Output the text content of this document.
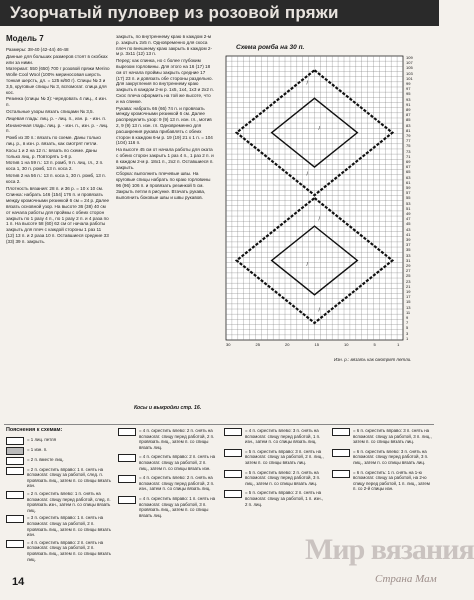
Узорчатый пуловер из розовой пряжи
Модель 7

Размеры: 38-40 (42-44) 46-48

Данные для больших размеров стоят в скобках или за ними.

Материал: 550 (650) 700 г розовой пряжи Merino Wolle Cool Wool (100% мериносовая шерсть тонкая шерсть, дл. = 125 м/50 г). Спицы № 3 и 3,5, круговые спицы № 3, вспомогат. спица для кос.

Резинка (спицы № 3): чередовать 4 лиц., 4 изн. п.

Остальные узоры вязать спицами № 3,5.

Лицевая гладь: лиц. р. - лиц. п., изн. р. - изн. п.

Изнаночная гладь: лиц. р. - изн. п., изн. р. - лиц. п.

Ромб из 30 п.: вязать по схеме. Даны только лиц. р., в изн. р. вязать, как смотрят петли.

Косы 1 и 2 на 12 п.: вязать по схеме. Даны только лиц. р. Повторять 1-8 р.

Мотив 1 на 59 п.: 13 п. ромб, 9 п. лиц. гл., 2 п. коса 1, 30 п. ромб, 13 п. коса 2.

Мотив 2 на 56 п.: 13 п. коса 1, 30 п. ромб, 13 п. коса 2.

Плотность вязания: 28 п. и 36 р. = 10 х 10 см.

Спинка: набрать 146 (154) 176 п. и провязать между кромочными резинкой 6 см = 24 р. Далее вязать основной узор. На высоте 36 (38) 40 см от начала работы для проймы с обеих сторон закрыть по 1 разу 4 п., по 1 разу 2 п. и 4 раза по 1 п. На высоте 58 (60) 62 см от начала работы закрыть для плеч с каждой стороны 1 раз 11 (12) 13 п. и 2 раза 10 п. Оставшиеся средние 33 (33) 39 п. закрыть.

закрыть, по внутреннему краю в каждом 2-м р. закрыть 2х5 п. Одновременно для скоса плеч по внешнему краю закрыть в каждом 2-м р. 3х11 (12) 13 п.

Перед: как спинка, но с более глубоким вырезом горловины. Для этого на 16 (17) 18 см от начала проймы закрыть средние 17 (17) 23 п. и довязать обе стороны раздельно. Для закругления по внутреннему краю закрыть в каждом 2-м р. 1х5, 1х4, 1х3 и 2х2 п. Скос плеча оформить на той же высоте, что и на спинке.

Рукава: набрать 66 (66) 74 п. и провязать между кромочными резинкой 6 см. Далее распределить узор: 9 (9) 13 п. изн. гл., мотив 2, 9 (9) 13 п. изн. гл. Одновременно для расширения рукава прибавлять с обеих сторон в каждом 6-м р. 19 (19) 21 х 1 п. = 104 (104) 116 п.

На высоте 45 см от начала работы для оката с обеих сторон закрыть 1 раз 4 п., 1 раз 2 п. и в каждом 2-м р. 18х1 п., 2х2 п. Оставшиеся п. закрыть.

Сборка: выполнить плечевые швы. На круговые спицы набрать по краю горловины 96 (96) 106 п. и провязать резинкой 5 см. Закрыть петли в рисунке. Втачать рукава, выполнить боковые швы и швы рукавов.

Косы и выкройки стр. 16.
Схема ромба на 30 п.
/
/
/
/
/
/
109
107
105
103
101
99
97
95
93
91
89
87
85
83
81
79
77
75
73
71
69
67
65
63
61
59
57
55
53
51
49
47
45
43
41
39
37
35
33
31
29
27
25
23
21
19
17
15
13
11
9
7
5
3
1
30	25	20	15	10	5	1
Изн. р.: вязать как смотрят петли.
Пояснения к схемам:
= 1 лиц. петля
= 1 изн. п.
= 2 п. вместе лиц.
= 2 п. скрестить вправо: 1 п. снять на вспомогат. спицу за работой, след. п. провязать лиц., затем п. со спицы вязать изн.
= 2 п. скрестить влево: 1 п. снять на вспомогат. спицу перед работой, след. п. провязать изн., затем п. со спицы вязать лиц.
= 3 п. скрестить вправо: 1 п. снять на вспомогат. спицу за работой, 2 п. провязать лиц., затем п. со спицы вязать изн.
= 4 п. скрестить вправо: 2 п. снять на вспомогат. спицу за работой, 2 п. провязать лиц., затем п. со спицы вязать лиц.
= 4 п. скрестить влево: 2 п. снять на вспомогат. спицу перед работой, 2 п. провязать лиц., затем п. со спицы вязать лиц.
= 4 п. скрестить вправо: 2 п. снять на вспомогат. спицу за работой, 2 п. лиц., затем п. со спицы вязать изн.
= 4 п. скрестить влево: 2 п. снять на вспомогат. спицу перед работой, 2 п. изн., затем п. со спицы вязать лиц.
= 4 п. скрестить вправо: 1 п. снять на вспомогат. спицу за работой, 3 п. провязать лиц., затем п. со спицы вязать лиц.
= 4 п. скрестить влево: 3 п. снять на вспомогат. спицу перед работой, 1 п. изн., затем п. со спицы вязать лиц.
= 5 п. скрестить вправо: 3 п. снять на вспомогат. спицу за работой, 2 п. лиц., затем п. со спицы вязать лиц.
= 5 п. скрестить влево: 2 п. снять на вспомогат. спицу перед работой, 3 п. лиц., затем п. со спицы вязать лиц.
= 5 п. скрестить вправо: 2 п. снять на вспомогат. спицу за работой, 1 п. изн., 2 п. лиц.
= 6 п. скрестить вправо: 3 п. снять на вспомогат. спицу за работой, 3 п. лиц., затем п. со спицы вязать лиц.
= 6 п. скрестить влево: 3 п. снять на вспомогат. спицу перед работой, 3 п. лиц., затем п. со спицы вязать лиц.
= 6 п. скрестить: 1 п. снять на 1-ю вспомогат. спицу за работой, на 2-ю спицу перед работой, 1 п. лиц., затем п. со 2-й спицы изн.
14
Мир вязания
Страна Мам
